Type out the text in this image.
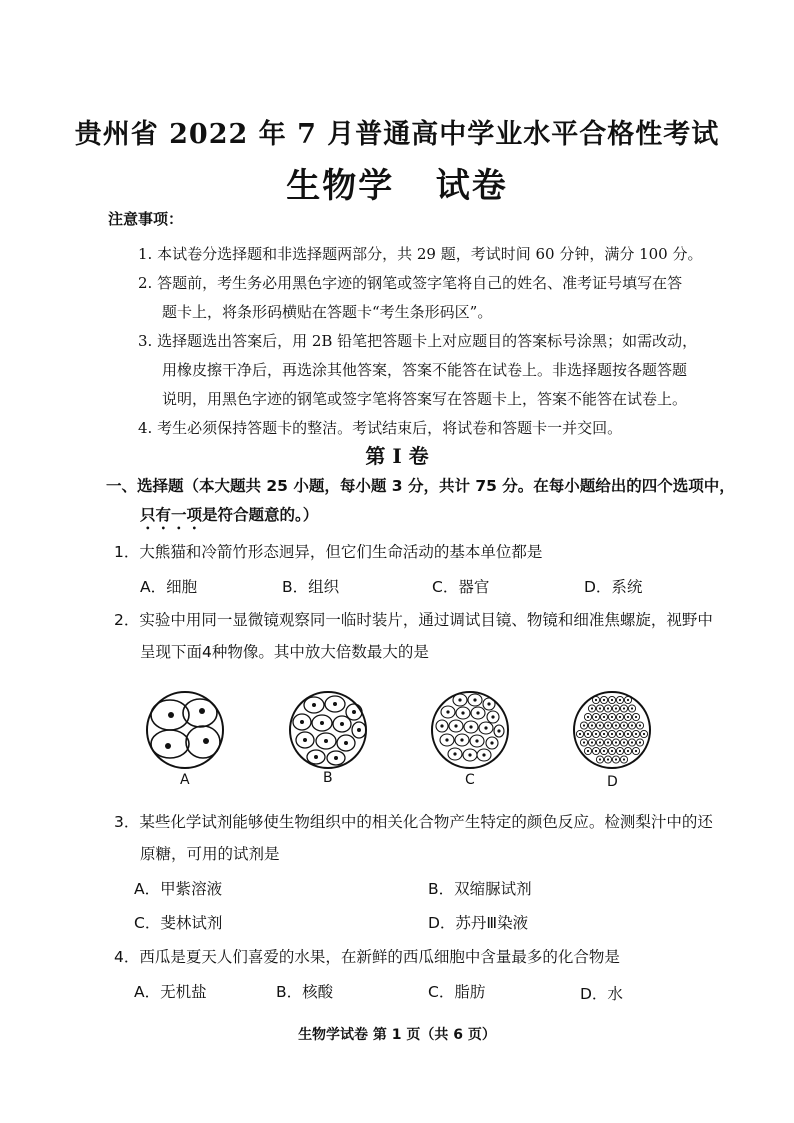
贵州省 2022 年 7 月普通高中学业水平合格性考试
生物学   试卷
注意事项：
1. 本试卷分选择题和非选择题两部分，共 29 题，考试时间 60 分钟，满分 100 分。
2. 答题前，考生务必用黑色字迹的钢笔或签字笔将自己的姓名、准考证号填写在答
题卡上，将条形码横贴在答题卡“考生条形码区”。
3. 选择题选出答案后，用 2B 铅笔把答题卡上对应题目的答案标号涂黑；如需改动，
用橡皮擦干净后，再选涂其他答案，答案不能答在试卷上。非选择题按各题答题
说明，用黑色字迹的钢笔或签字笔将答案写在答题卡上，答案不能答在试卷上。
4. 考生必须保持答题卡的整洁。考试结束后，将试卷和答题卡一并交回。
第 Ⅰ 卷
一、选择题（本大题共 25 小题，每小题 3 分，共计 75 分。在每小题给出的四个选项中，
只有一项是符合题意的。）
1．大熊猫和冷箭竹形态迥异，但它们生命活动的基本单位都是
A．细胞	B．组织	C．器官	D．系统
2．实验中用同一显微镜观察同一临时装片，通过调试目镜、物镜和细准焦螺旋，视野中
呈现下面4种物像。其中放大倍数最大的是
A	B	C	D
3．某些化学试剂能够使生物组织中的相关化合物产生特定的颜色反应。检测梨汁中的还
原糖，可用的试剂是
A．甲紫溶液	B．双缩脲试剂
C．斐林试剂	D．苏丹Ⅲ染液
4．西瓜是夏天人们喜爱的水果，在新鲜的西瓜细胞中含量最多的化合物是
A．无机盐	B．核酸	C．脂肪	D．水
生物学试卷 第 1 页（共 6 页）
